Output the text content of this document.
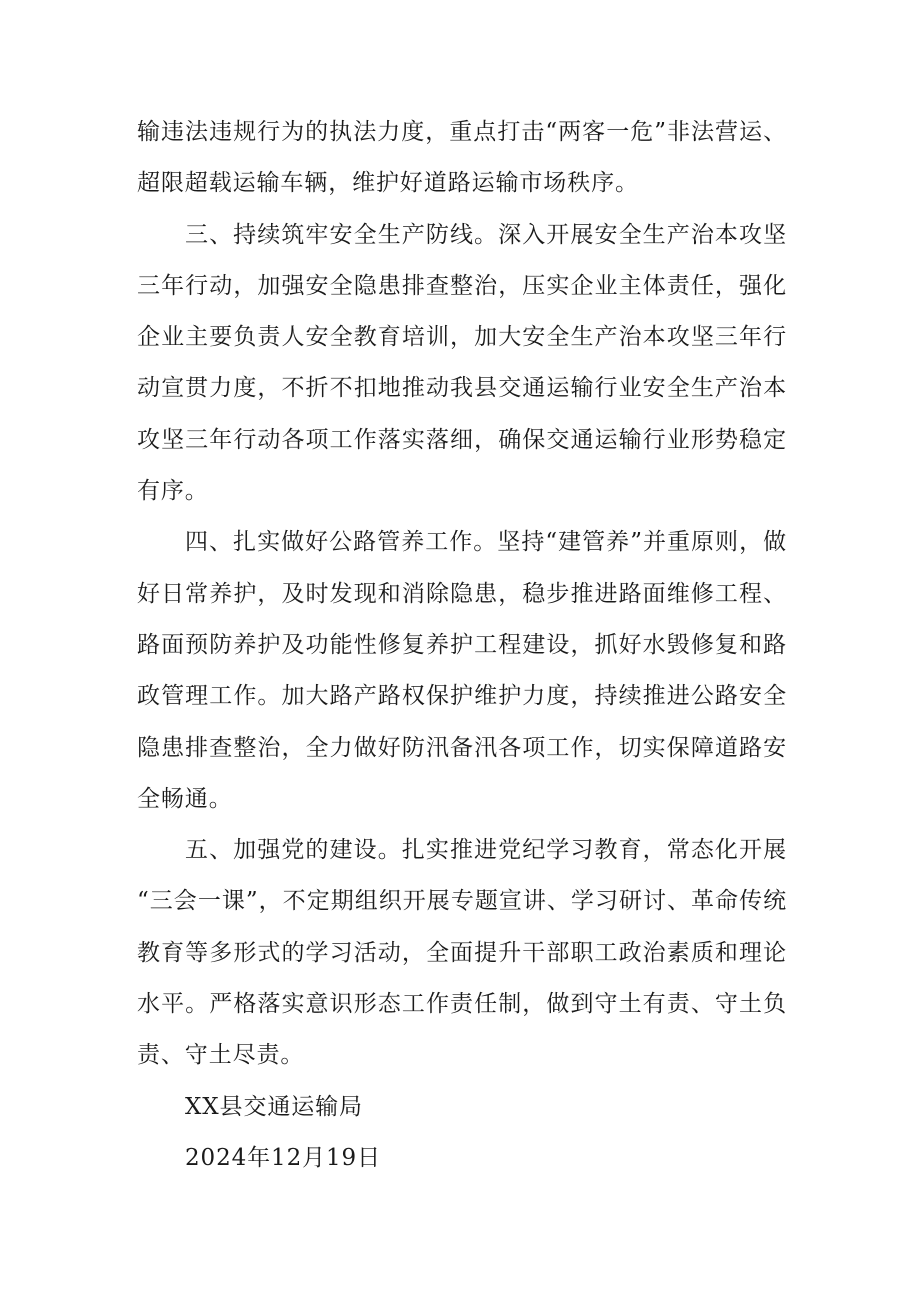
输违法违规行为的执法力度，重点打击“两客一危”非法营运、超限超载运输车辆，维护好道路运输市场秩序。

三、持续筑牢安全生产防线。深入开展安全生产治本攻坚三年行动，加强安全隐患排查整治，压实企业主体责任，强化企业主要负责人安全教育培训，加大安全生产治本攻坚三年行动宣贯力度，不折不扣地推动我县交通运输行业安全生产治本攻坚三年行动各项工作落实落细，确保交通运输行业形势稳定有序。

四、扎实做好公路管养工作。坚持“建管养”并重原则，做好日常养护，及时发现和消除隐患，稳步推进路面维修工程、路面预防养护及功能性修复养护工程建设，抓好水毁修复和路政管理工作。加大路产路权保护维护力度，持续推进公路安全隐患排查整治，全力做好防汛备汛各项工作，切实保障道路安全畅通。

五、加强党的建设。扎实推进党纪学习教育，常态化开展“三会一课”，不定期组织开展专题宣讲、学习研讨、革命传统教育等多形式的学习活动，全面提升干部职工政治素质和理论水平。严格落实意识形态工作责任制，做到守土有责、守土负责、守土尽责。

XX县交通运输局

2024年12月19日
